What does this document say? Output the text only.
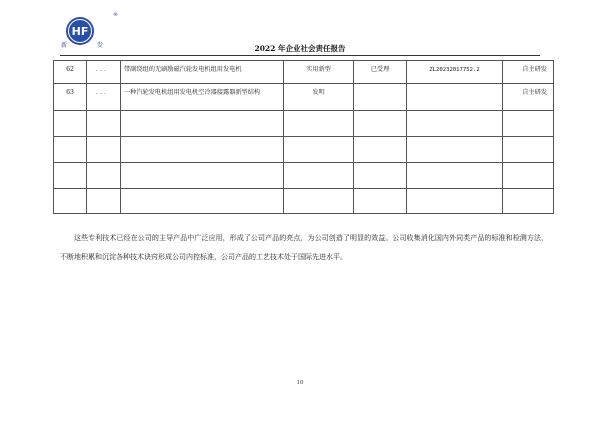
HF
新 发
®
2022 年企业社会责任报告
62	．．．	带副绕组的无刷励磁汽轮发电机组用发电机	实用新型	已受理	ZL20232017752.2	自主研发
63	．．．	一种汽轮发电机组用发电机空冷器接露器新型结构	发明			自主研发

这些专利技术已经在公司的主导产品中广泛应用，形成了公司产品的亮点，为公司创造了明显的效益。公司收集消化国内外同类产品的标准和检测方法，不断地积累和沉淀各种技术诀窍形成公司内控标准，公司产品的工艺技术处于国际先进水平。

10
